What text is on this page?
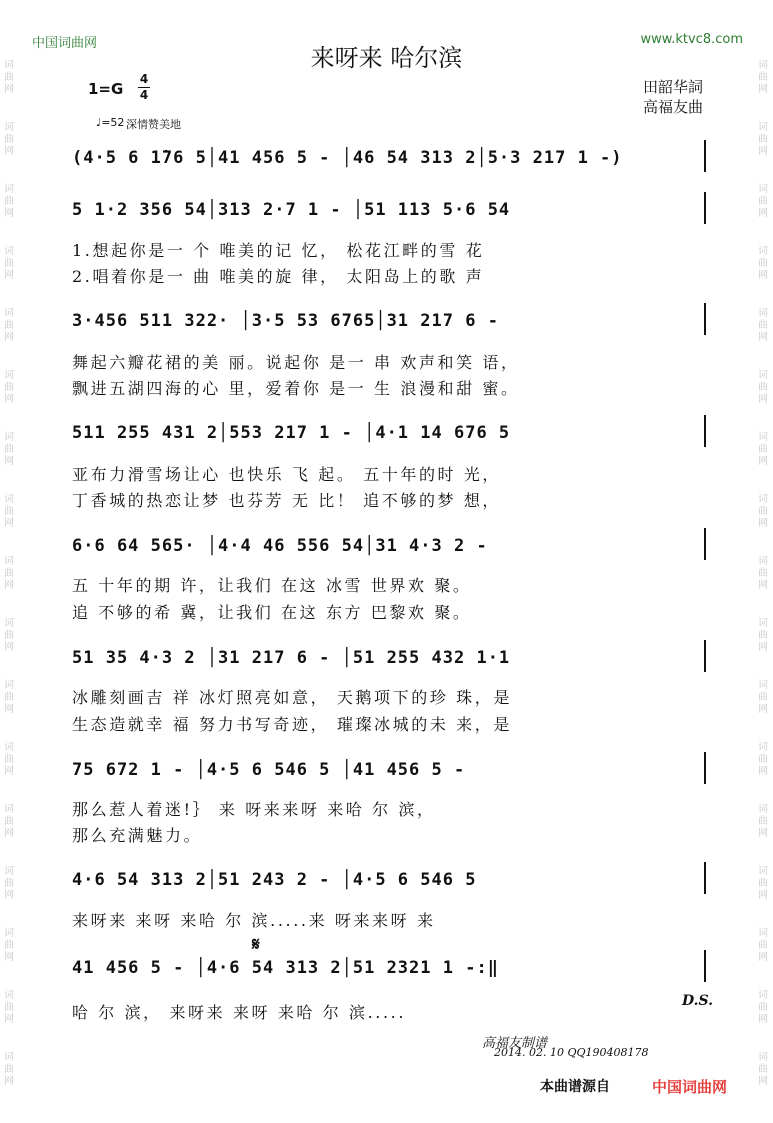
中国词曲网	www.ktvc8.com
来呀来 哈尔滨
1=G
4
4	田韶华詞
高福友曲
♩=52 深情赞美地
(4·5 6 1̇76 5│41 456 5 - │46 54 313 2│5·3 217 1 -)
5 1·2 356 54│313 2·7 1 - │51 113 5·6 54
1.想起你是一 个 唯美的记 忆， 松花江畔的雪 花
2.唱着你是一 曲 唯美的旋 律， 太阳岛上的歌 声
3·456 511 322· │3·5 53 6765│31 217 6 -
舞起六瓣花裙的美 丽。说起你 是一 串 欢声和笑 语，
飘进五湖四海的心 里，爱着你 是一 生 浪漫和甜 蜜。
511 255 431 2│553 217 1 - │4·1 14 676 5
亚布力滑雪场让心 也快乐 飞 起。 五十年的时 光，
丁香城的热恋让梦 也芬芳 无 比！ 追不够的梦 想，
6·6 64 565· │4·4 46 556 54│31 4·3 2 -
五 十年的期 许，让我们 在这 冰雪 世界欢 聚。
追 不够的希 冀，让我们 在这 东方 巴黎欢 聚。
51 35 4·3 2 │31 217 6 - │51 255 432 1·1
冰雕刻画吉 祥 冰灯照亮如意， 天鹅项下的珍 珠，是
生态造就幸 福 努力书写奇迹， 璀璨冰城的未 来，是
75 672 1 - │4·5 6 546 5 │41 456 5 -
那么惹人着迷!｝ 来 呀来来呀 来哈 尔 滨，
那么充满魅力。
4·6 54 313 2│51 243 2 - │4·5 6 546 5
来呀来 来呀 来哈 尔 滨.....来 呀来来呀 来
41 456 5 - │4·6 54 313 2│51 2321 1 -:‖
哈 尔 滨， 来呀来 来呀 来哈 尔 滨.....
𝄋
D.S.
高福友制谱
2014. 02. 10 QQ190408178
本曲谱源自	中国词曲网
词
曲
网
词
曲
网
词
曲
网
词
曲
网
词
曲
网
词
曲
网
词
曲
网
词
曲
网
词
曲
网
词
曲
网
词
曲
网
词
曲
网
词
曲
网
词
曲
网
词
曲
网
词
曲
网
词
曲
网
词
曲
网
词
曲
网
词
曲
网
词
曲
网
词
曲
网
词
曲
网
词
曲
网
词
曲
网
词
曲
网
词
曲
网
词
曲
网
词
曲
网
词
曲
网
词
曲
网
词
曲
网
词
曲
网
词
曲
网
